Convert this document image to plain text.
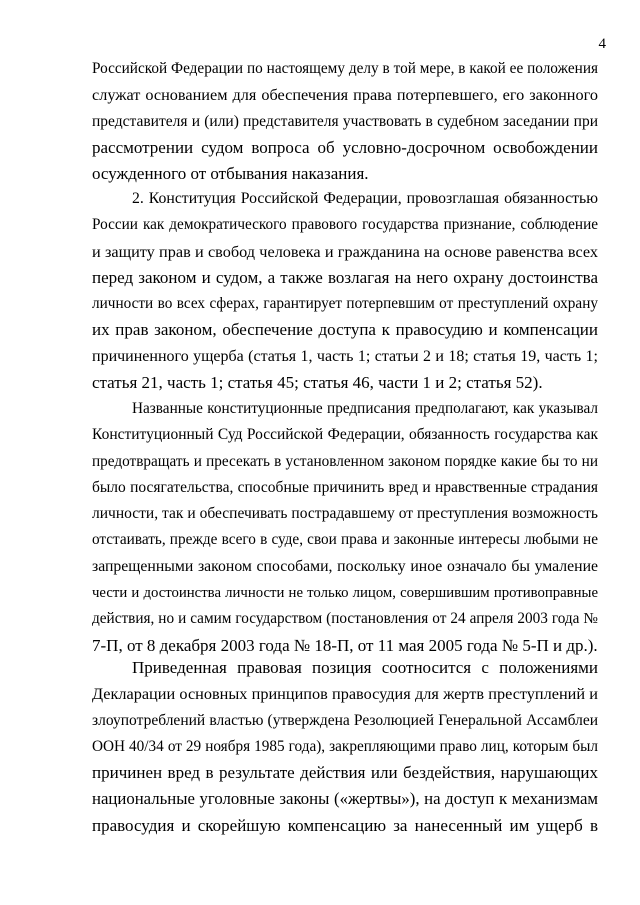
4
Российской Федерации по настоящему делу в той мере, в какой ее положения
служат основанием для обеспечения права потерпевшего, его законного
представителя и (или) представителя участвовать в судебном заседании при
рассмотрении судом вопроса об условно-досрочном освобождении
осужденного от отбывания наказания.
2. Конституция Российской Федерации, провозглашая обязанностью
России как демократического правового государства признание, соблюдение
и защиту прав и свобод человека и гражданина на основе равенства всех
перед законом и судом, а также возлагая на него охрану достоинства
личности во всех сферах, гарантирует потерпевшим от преступлений охрану
их прав законом, обеспечение доступа к правосудию и компенсации
причиненного ущерба (статья 1, часть 1; статьи 2 и 18; статья 19, часть 1;
статья 21, часть 1; статья 45; статья 46, части 1 и 2; статья 52).
Названные конституционные предписания предполагают, как указывал
Конституционный Суд Российской Федерации, обязанность государства как
предотвращать и пресекать в установленном законом порядке какие бы то ни
было посягательства, способные причинить вред и нравственные страдания
личности, так и обеспечивать пострадавшему от преступления возможность
отстаивать, прежде всего в суде, свои права и законные интересы любыми не
запрещенными законом способами, поскольку иное означало бы умаление
чести и достоинства личности не только лицом, совершившим противоправные
действия, но и самим государством (постановления от 24 апреля 2003 года №
7-П, от 8 декабря 2003 года № 18-П, от 11 мая 2005 года № 5-П и др.).
Приведенная правовая позиция соотносится с положениями
Декларации основных принципов правосудия для жертв преступлений и
злоупотреблений властью (утверждена Резолюцией Генеральной Ассамблеи
ООН 40/34 от 29 ноября 1985 года), закрепляющими право лиц, которым был
причинен вред в результате действия или бездействия, нарушающих
национальные уголовные законы («жертвы»), на доступ к механизмам
правосудия и скорейшую компенсацию за нанесенный им ущерб в
